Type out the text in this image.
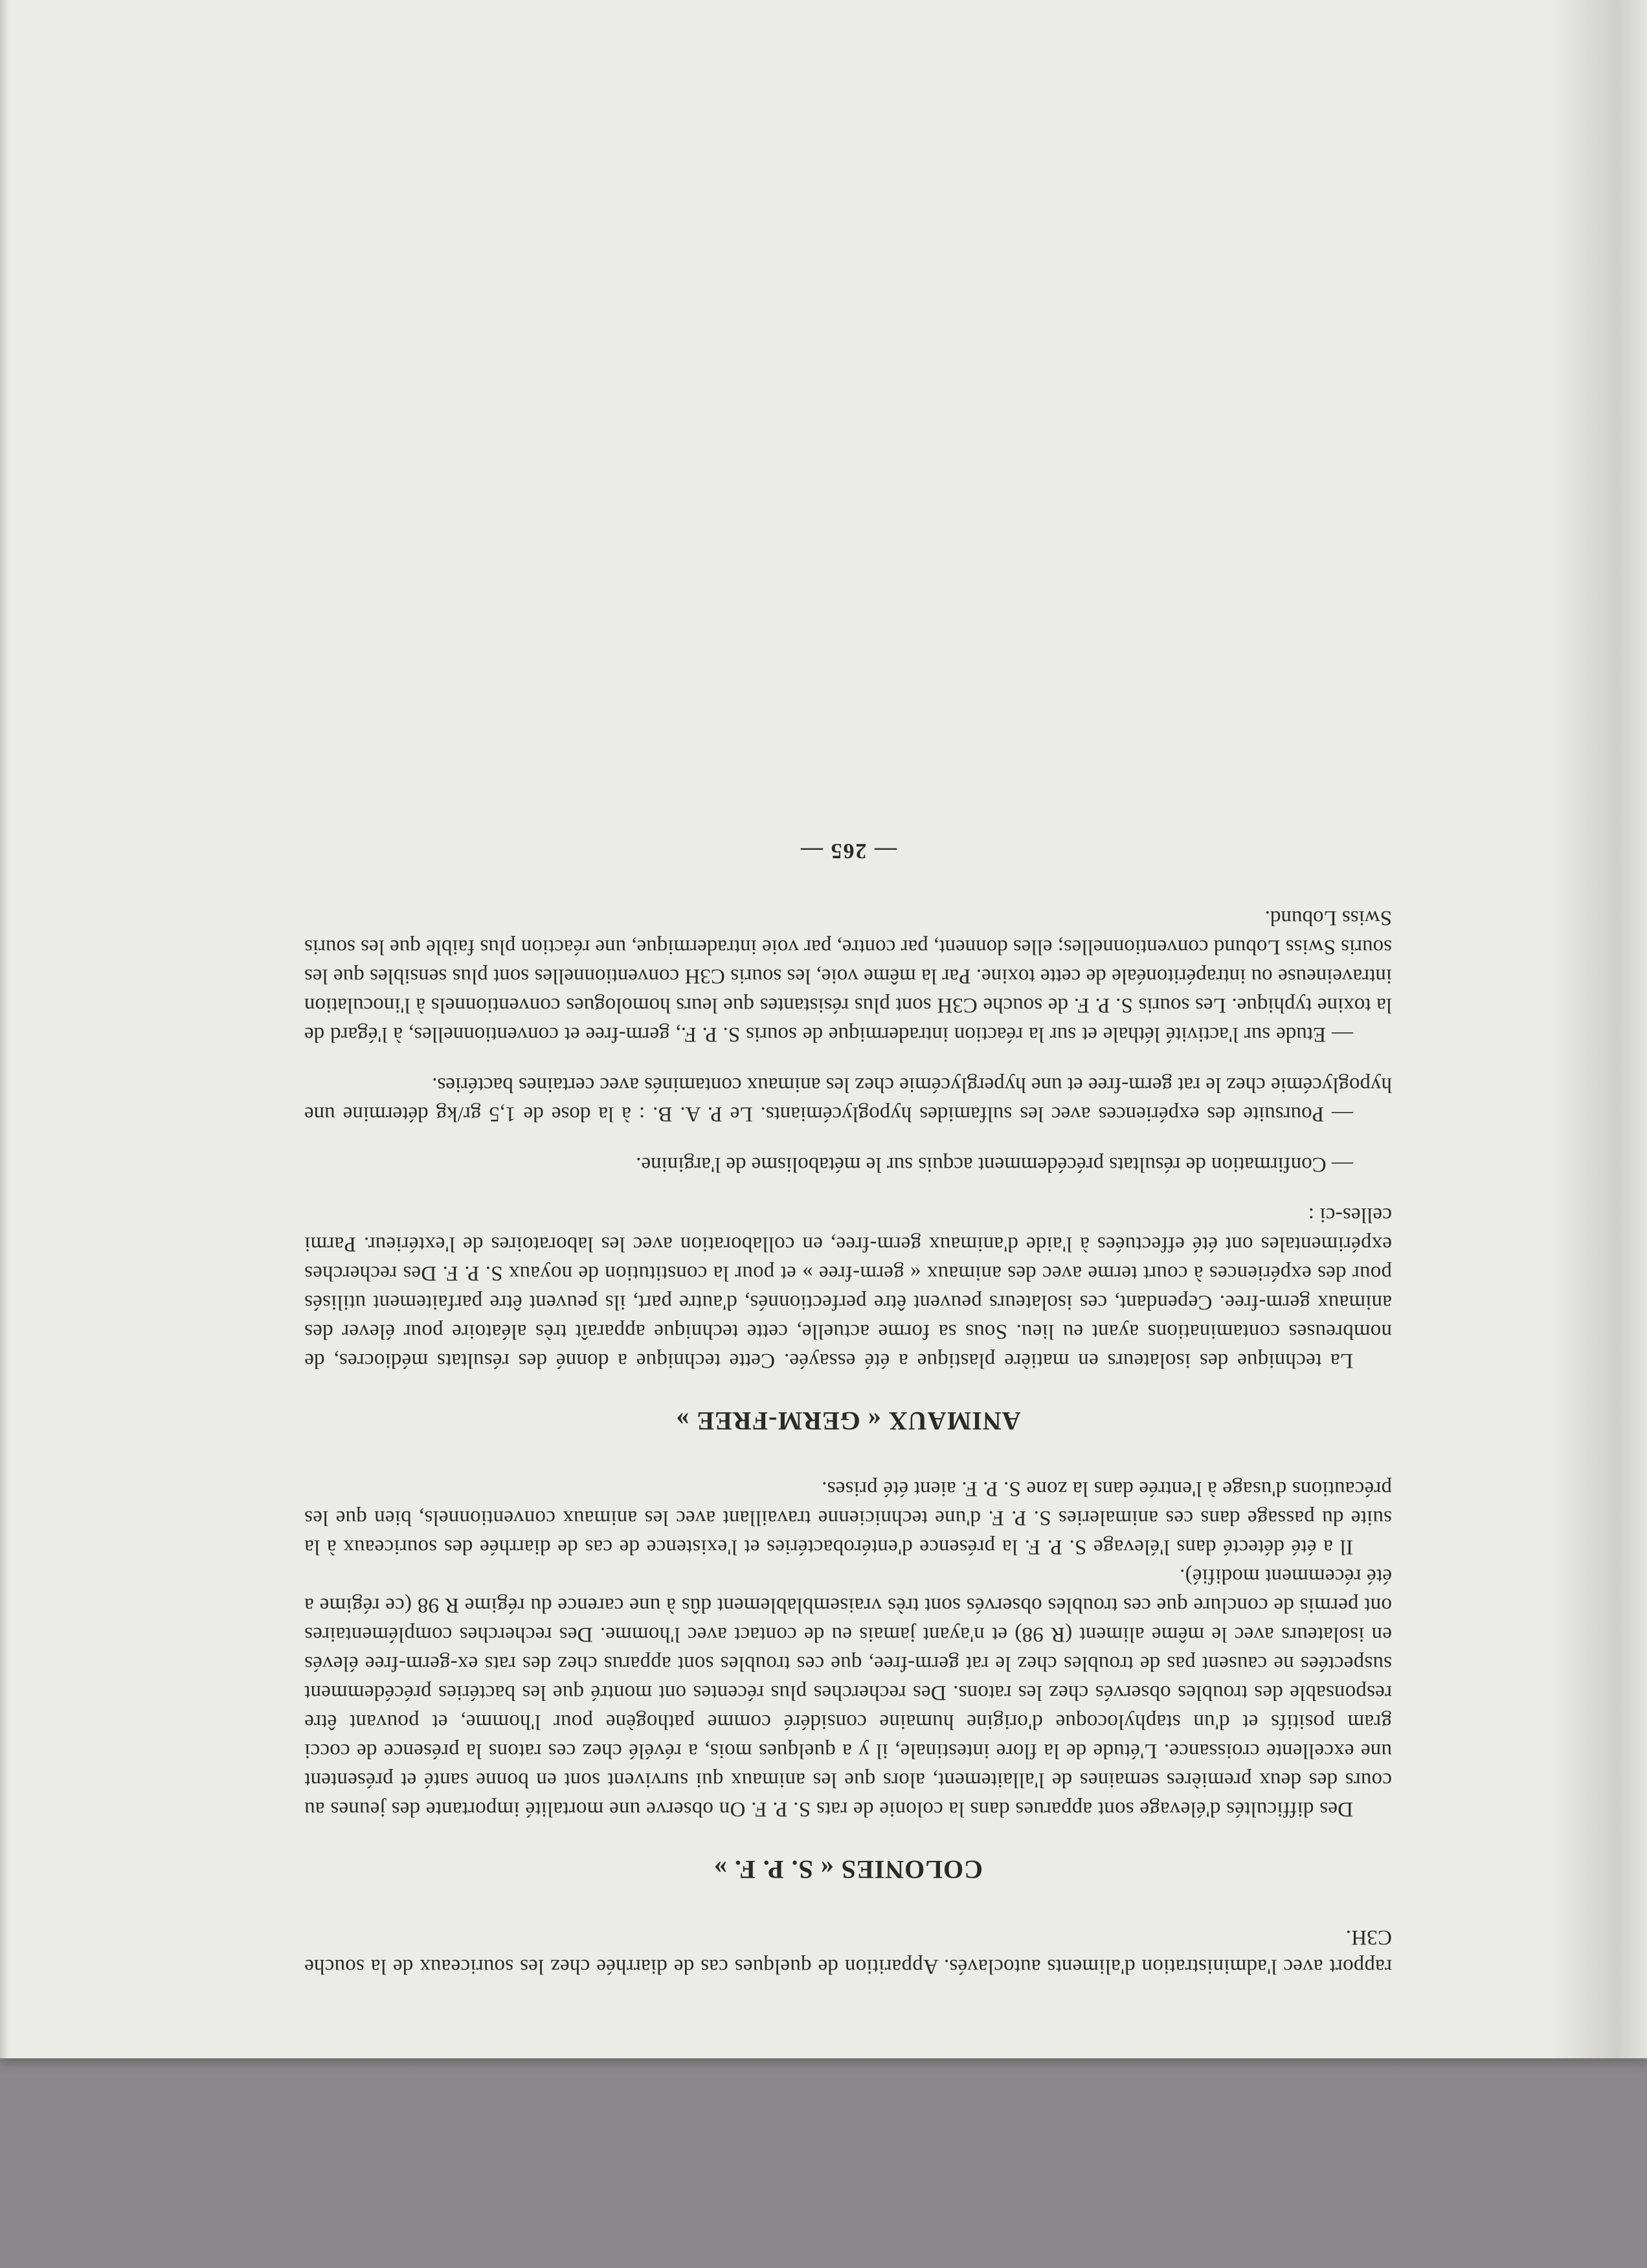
rapport avec l'administration d'aliments autoclavés. Apparition de quelques cas de diarrhée chez les souriceaux de la souche C3H.

COLONIES « S. P. F. »

Des difficultés d'élevage sont apparues dans la colonie de rats S. P. F. On observe une mortalité importante des jeunes au cours des deux premières semaines de l'allaitement, alors que les animaux qui survivent sont en bonne santé et présentent une excellente croissance. L'étude de la flore intestinale, il y a quelques mois, a révélé chez ces ratons la présence de cocci gram positifs et d'un staphylocoque d'origine humaine considéré comme pathogène pour l'homme, et pouvant être responsable des troubles observés chez les ratons. Des recherches plus récentes ont montré que les bactéries précédemment suspectées ne causent pas de troubles chez le rat germ-free, que ces troubles sont apparus chez des rats ex-germ-free élevés en isolateurs avec le même aliment (R 98) et n'ayant jamais eu de contact avec l'homme. Des recherches complémentaires ont permis de conclure que ces troubles observés sont très vraisemblablement dûs à une carence du régime R 98 (ce régime a été récemment modifié).

Il a été détecté dans l'élevage S. P. F. la présence d'entérobactéries et l'existence de cas de diarrhée des souriceaux à la suite du passage dans ces animaleries S. P. F. d'une technicienne travaillant avec les animaux conventionnels, bien que les précautions d'usage à l'entrée dans la zone S. P. F. aient été prises.

ANIMAUX « GERM-FREE »

La technique des isolateurs en matière plastique a été essayée. Cette technique a donné des résultats médiocres, de nombreuses contaminations ayant eu lieu. Sous sa forme actuelle, cette technique apparaît très aléatoire pour élever des animaux germ-free. Cependant, ces isolateurs peuvent être perfectionnés, d'autre part, ils peuvent être parfaitement utilisés pour des expériences à court terme avec des animaux « germ-free » et pour la constitution de noyaux S. P. F. Des recherches expérimentales ont été effectuées à l'aide d'animaux germ-free, en collaboration avec les laboratoires de l'extérieur. Parmi celles-ci :

— Confirmation de résultats précédemment acquis sur le métabolisme de l'arginine.

— Poursuite des expériences avec les sulfamides hypoglycémiants. Le P. A. B. : à la dose de 1,5 gr/kg détermine une hypoglycémie chez le rat germ-free et une hyperglycémie chez les animaux contaminés avec certaines bactéries.

— Etude sur l'activité léthale et sur la réaction intradermique de souris S. P. F., germ-free et conventionnelles, à l'égard de la toxine typhique. Les souris S. P. F. de souche C3H sont plus résistantes que leurs homologues conventionnels à l'inoculation intraveineuse ou intrapéritonéale de cette toxine. Par la même voie, les souris C3H conventionnelles sont plus sensibles que les souris Swiss Lobund conventionnelles; elles donnent, par contre, par voie intradermique, une réaction plus faible que les souris Swiss Lobund.

— 265 —
